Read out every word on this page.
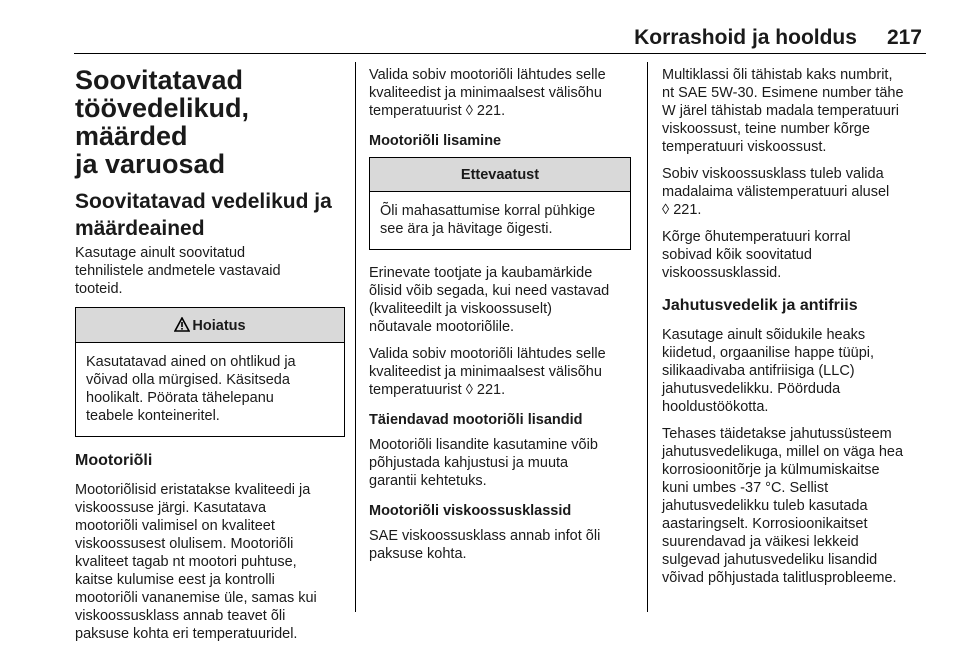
Korrashoid ja hooldus 217
Soovitatavad
töövedelikud, määrded
ja varuosad
Soovitatavad vedelikud ja
määrdeained

Kasutage ainult soovitatud
tehnilistele andmetele vastavaid
tooteid.

Hoiatus

Kasutatavad ained on ohtlikud ja
võivad olla mürgised. Käsitseda
hoolikalt. Pöörata tähelepanu
teabele konteineritel.

Mootoriõli

Mootoriõlisid eristatakse kvaliteedi ja
viskoossuse järgi. Kasutatava
mootoriõli valimisel on kvaliteet
viskoossusest olulisem. Mootoriõli
kvaliteet tagab nt mootori puhtuse,
kaitse kulumise eest ja kontrolli
mootoriõli vananemise üle, samas kui
viskoossusklass annab teavet õli
paksuse kohta eri temperatuuridel.

Valida sobiv mootoriõli lähtudes selle
kvaliteedist ja minimaalsest välisõhu
temperatuurist ◊ 221.

Mootoriõli lisamine
Ettevaatust

Õli mahasattumise korral pühkige
see ära ja hävitage õigesti.

Erinevate tootjate ja kaubamärkide
õlisid võib segada, kui need vastavad
(kvaliteedilt ja viskoossuselt)
nõutavale mootoriõlile.

Valida sobiv mootoriõli lähtudes selle
kvaliteedist ja minimaalsest välisõhu
temperatuurist ◊ 221.

Täiendavad mootoriõli lisandid

Mootoriõli lisandite kasutamine võib
põhjustada kahjustusi ja muuta
garantii kehtetuks.

Mootoriõli viskoossusklassid

SAE viskoossusklass annab infot õli
paksuse kohta.

Multiklassi õli tähistab kaks numbrit,
nt SAE 5W-30. Esimene number tähe
W järel tähistab madala temperatuuri
viskoossust, teine number kõrge
temperatuuri viskoossust.

Sobiv viskoossusklass tuleb valida
madalaima välistemperatuuri alusel
◊ 221.

Kõrge õhutemperatuuri korral
sobivad kõik soovitatud
viskoossusklassid.

Jahutusvedelik ja antifriis

Kasutage ainult sõidukile heaks
kiidetud, orgaanilise happe tüüpi,
silikaadivaba antifriisiga (LLC)
jahutusvedelikku. Pöörduda
hooldustöökotta.

Tehases täidetakse jahutussüsteem
jahutusvedelikuga, millel on väga hea
korrosioonitõrje ja külmumiskaitse
kuni umbes -37 °C. Sellist
jahutusvedelikku tuleb kasutada
aastaringselt. Korrosioonikaitset
suurendavad ja väikesi lekkeid
sulgevad jahutusvedeliku lisandid
võivad põhjustada talitlusprobleeme.
